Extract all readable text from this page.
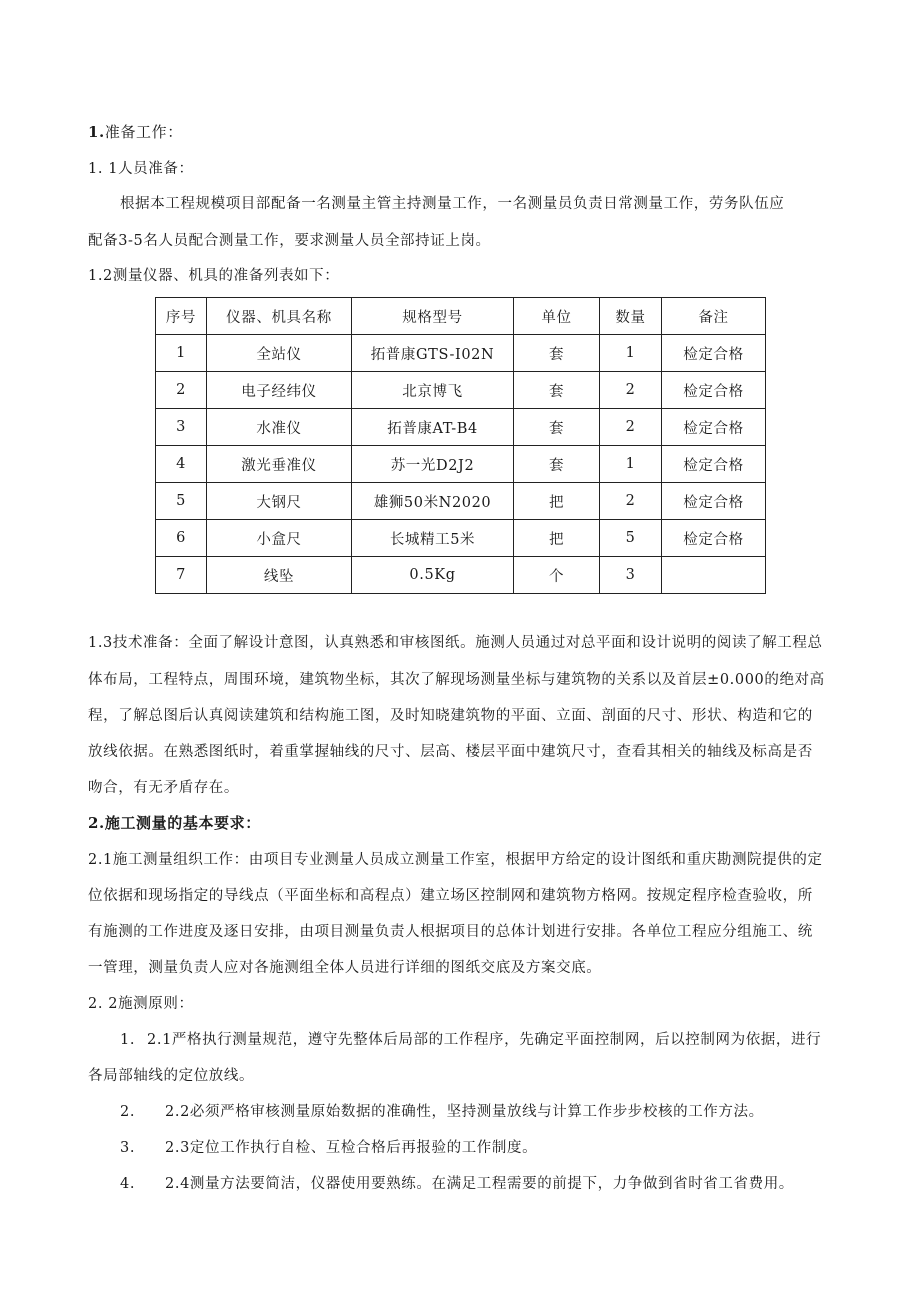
1.准备工作：
1. 1人员准备：
根据本工程规模项目部配备一名测量主管主持测量工作，一名测量员负责日常测量工作，劳务队伍应
配备3-5名人员配合测量工作，要求测量人员全部持证上岗。
1.2测量仪器、机具的准备列表如下：
序号	仪器、机具名称	规格型号	单位	数量	备注
1	全站仪	拓普康GTS-I02N	套	1	检定合格
2	电子经纬仪	北京博飞	套	2	检定合格
3	水准仪	拓普康AT-B4	套	2	检定合格
4	激光垂准仪	苏一光D2J2	套	1	检定合格
5	大钢尺	雄狮50米N2020	把	2	检定合格
6	小盒尺	长城精工5米	把	5	检定合格
7	线坠	0.5Kg	个	3	
1.3技术准备：全面了解设计意图，认真熟悉和审核图纸。施测人员通过对总平面和设计说明的阅读了解工程总
体布局，工程特点，周围环境，建筑物坐标，其次了解现场测量坐标与建筑物的关系以及首层±0.000的绝对高
程，了解总图后认真阅读建筑和结构施工图，及时知晓建筑物的平面、立面、剖面的尺寸、形状、构造和它的
放线依据。在熟悉图纸时，着重掌握轴线的尺寸、层高、楼层平面中建筑尺寸，查看其相关的轴线及标高是否
吻合，有无矛盾存在。
2.施工测量的基本要求：
2.1施工测量组织工作：由项目专业测量人员成立测量工作室，根据甲方给定的设计图纸和重庆勘测院提供的定
位依据和现场指定的导线点（平面坐标和高程点）建立场区控制网和建筑物方格网。按规定程序检查验收，所
有施测的工作进度及逐日安排，由项目测量负责人根据项目的总体计划进行安排。各单位工程应分组施工、统
一管理，测量负责人应对各施测组全体人员进行详细的图纸交底及方案交底。
2. 2施测原则：
1. 2.1严格执行测量规范，遵守先整体后局部的工作程序，先确定平面控制网，后以控制网为依据，进行
各局部轴线的定位放线。
2. 2.2必须严格审核测量原始数据的准确性，坚持测量放线与计算工作步步校核的工作方法。
3. 2.3定位工作执行自检、互检合格后再报验的工作制度。
4. 2.4测量方法要简洁，仪器使用要熟练。在满足工程需要的前提下，力争做到省时省工省费用。
